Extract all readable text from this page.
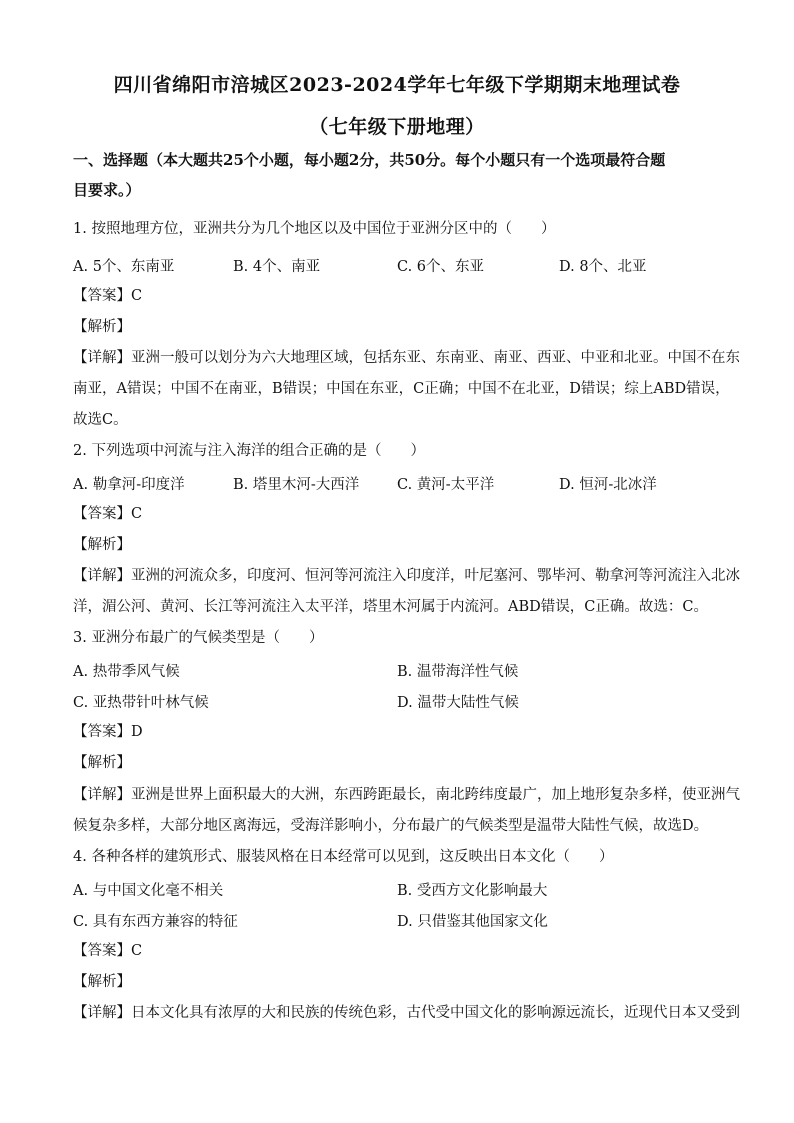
四川省绵阳市涪城区2023-2024学年七年级下学期期末地理试卷
（七年级下册地理）
一、选择题（本大题共25个小题，每小题2分，共50分。每个小题只有一个选项最符合题
目要求。）
1. 按照地理方位，亚洲共分为几个地区以及中国位于亚洲分区中的（　　）
A. 5个、东南亚	B. 4个、南亚	C. 6个、东亚	D. 8个、北亚
【答案】C
【解析】
【详解】亚洲一般可以划分为六大地理区域，包括东亚、东南亚、南亚、西亚、中亚和北亚。中国不在东
南亚，A错误；中国不在南亚，B错误；中国在东亚，C正确；中国不在北亚，D错误；综上ABD错误，
故选C。
2. 下列选项中河流与注入海洋的组合正确的是（　　）
A. 勒拿河-印度洋	B. 塔里木河-大西洋	C. 黄河-太平洋	D. 恒河-北冰洋
【答案】C
【解析】
【详解】亚洲的河流众多，印度河、恒河等河流注入印度洋，叶尼塞河、鄂毕河、勒拿河等河流注入北冰
洋，湄公河、黄河、长江等河流注入太平洋，塔里木河属于内流河。ABD错误，C正确。故选：C。
3. 亚洲分布最广的气候类型是（　　）
A. 热带季风气候	B. 温带海洋性气候
C. 亚热带针叶林气候	D. 温带大陆性气候
【答案】D
【解析】
【详解】亚洲是世界上面积最大的大洲，东西跨距最长，南北跨纬度最广，加上地形复杂多样，使亚洲气
候复杂多样，大部分地区离海远，受海洋影响小，分布最广的气候类型是温带大陆性气候，故选D。
4. 各种各样的建筑形式、服装风格在日本经常可以见到，这反映出日本文化（　　）
A. 与中国文化毫不相关	B. 受西方文化影响最大
C. 具有东西方兼容的特征	D. 只借鉴其他国家文化
【答案】C
【解析】
【详解】日本文化具有浓厚的大和民族的传统色彩，古代受中国文化的影响源远流长，近现代日本又受到
